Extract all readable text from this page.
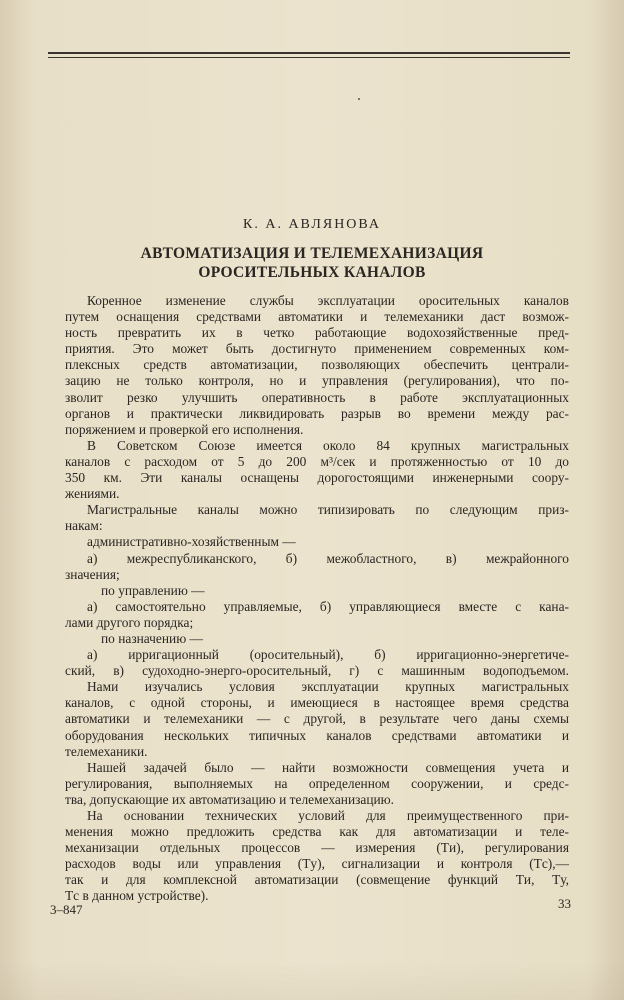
К. А. АВЛЯНОВА
АВТОМАТИЗАЦИЯ И ТЕЛЕМЕХАНИЗАЦИЯ
ОРОСИТЕЛЬНЫХ КАНАЛОВ
Коренное изменение службы эксплуатации оросительных каналов
путем оснащения средствами автоматики и телемеханики даст возмож-
ность превратить их в четко работающие водохозяйственные пред-
приятия. Это может быть достигнуто применением современных ком-
плексных средств автоматизации, позволяющих обеспечить централи-
зацию не только контроля, но и управления (регулирования), что по-
зволит резко улучшить оперативность в работе эксплуатационных
органов и практически ликвидировать разрыв во времени между рас-
поряжением и проверкой его исполнения.
В Советском Союзе имеется около 84 крупных магистральных
каналов с расходом от 5 до 200 м³/сек и протяженностью от 10 до
350 км. Эти каналы оснащены дорогостоящими инженерными соору-
жениями.
Магистральные каналы можно типизировать по следующим приз-
накам:
административно-хозяйственным —
а) межреспубликанского, б) межобластного, в) межрайонного
значения;
по управлению —
а) самостоятельно управляемые, б) управляющиеся вместе с кана-
лами другого порядка;
по назначению —
а) ирригационный (оросительный), б) ирригационно-энергетиче-
ский, в) судоходно-энерго-оросительный, г) с машинным водоподъемом.
Нами изучались условия эксплуатации крупных магистральных
каналов, с одной стороны, и имеющиеся в настоящее время средства
автоматики и телемеханики — с другой, в результате чего даны схемы
оборудования нескольких типичных каналов средствами автоматики и
телемеханики.
Нашей задачей было — найти возможности совмещения учета и
регулирования, выполняемых на определенном сооружении, и средс-
тва, допускающие их автоматизацию и телемеханизацию.
На основании технических условий для преимущественного при-
менения можно предложить средства как для автоматизации и теле-
механизации отдельных процессов — измерения (Tи), регулирования
расходов воды или управления (Tу), сигнализации и контроля (Tс),—
так и для комплексной автоматизации (совмещение функций Tи, Tу,
Tс в данном устройстве).
3–847	33
